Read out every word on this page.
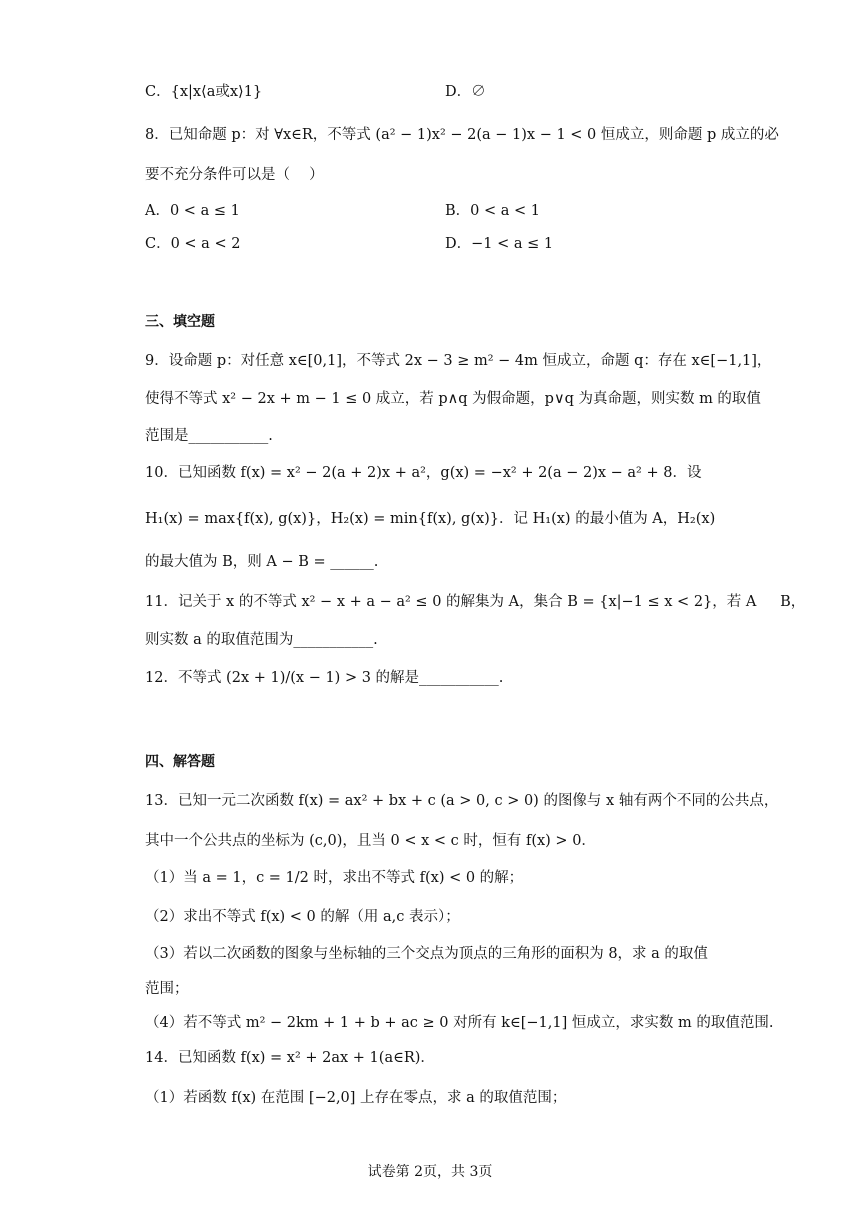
C．{x|x⟨a或x⟩1}	D．∅
8．已知命题 p：对 ∀x∈R，不等式 (a² − 1)x² − 2(a − 1)x − 1 < 0 恒成立，则命题 p 成立的必
要不充分条件可以是（　 ）
A．0 < a ≤ 1	B．0 < a < 1
C．0 < a < 2	D．−1 < a ≤ 1
三、填空题
9．设命题 p：对任意 x∈[0,1]，不等式 2x − 3 ≥ m² − 4m 恒成立，命题 q：存在 x∈[−1,1]，
使得不等式 x² − 2x + m − 1 ≤ 0 成立，若 p∧q 为假命题，p∨q 为真命题，则实数 m 的取值
范围是___________.
10．已知函数 f(x) = x² − 2(a + 2)x + a²，g(x) = −x² + 2(a − 2)x − a² + 8．设
H₁(x) = max{f(x), g(x)}，H₂(x) = min{f(x), g(x)}．记 H₁(x) 的最小值为 A，H₂(x)
的最大值为 B，则 A − B = ______.
11．记关于 x 的不等式 x² − x + a − a² ≤ 0 的解集为 A，集合 B = {x|−1 ≤ x < 2}，若 A 　 B，
则实数 a 的取值范围为___________.
12．不等式 (2x + 1)/(x − 1) > 3 的解是___________.
四、解答题
13．已知一元二次函数 f(x) = ax² + bx + c (a > 0, c > 0) 的图像与 x 轴有两个不同的公共点，
其中一个公共点的坐标为 (c,0)，且当 0 < x < c 时，恒有 f(x) > 0．
（1）当 a = 1，c = 1/2 时，求出不等式 f(x) < 0 的解；
（2）求出不等式 f(x) < 0 的解（用 a,c 表示）；
（3）若以二次函数的图象与坐标轴的三个交点为顶点的三角形的面积为 8，求 a 的取值
范围；
（4）若不等式 m² − 2km + 1 + b + ac ≥ 0 对所有 k∈[−1,1] 恒成立，求实数 m 的取值范围.
14．已知函数 f(x) = x² + 2ax + 1(a∈R)．
（1）若函数 f(x) 在范围 [−2,0] 上存在零点，求 a 的取值范围；
试卷第 2页，共 3页
